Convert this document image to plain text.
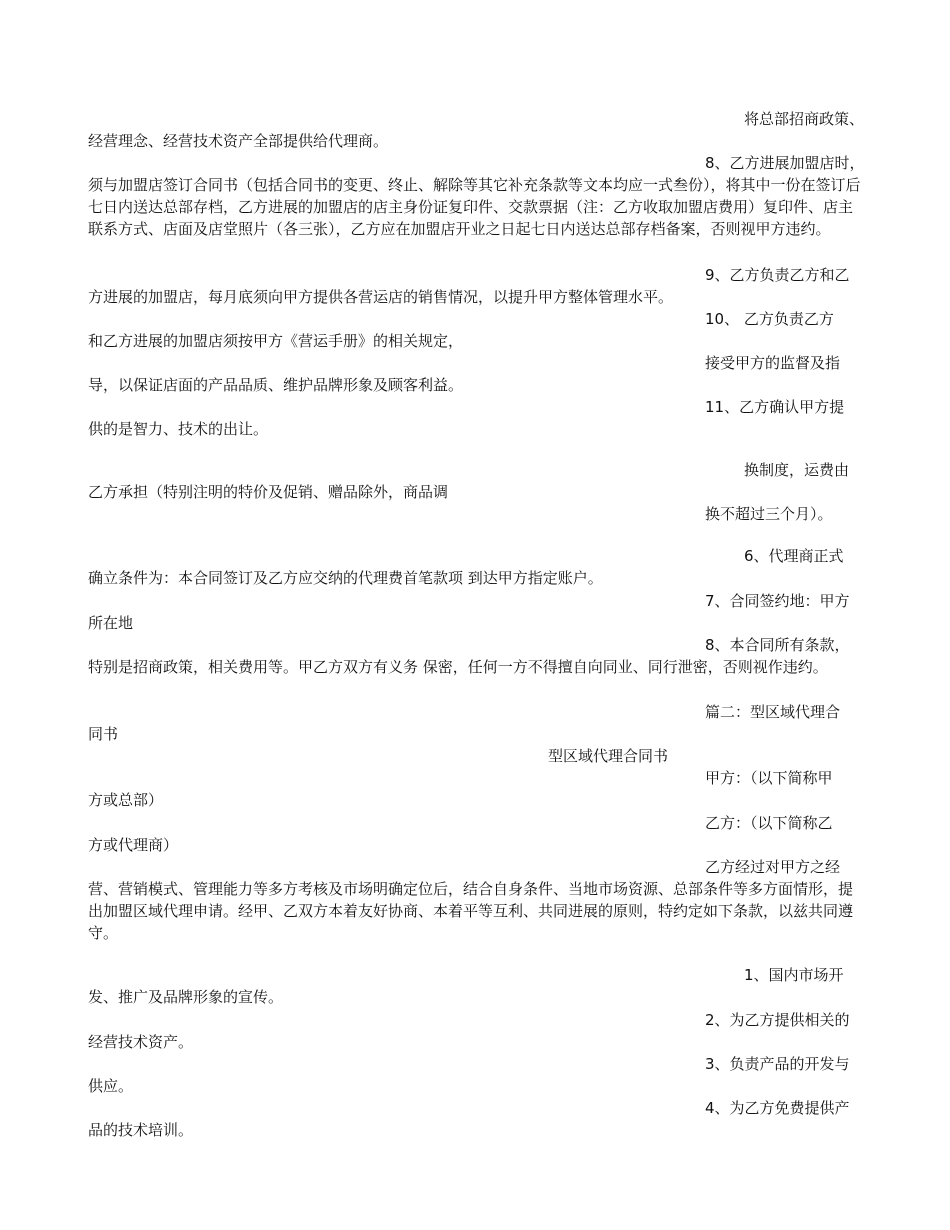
将总部招商政策、
经营理念、经营技术资产全部提供给代理商。
8、乙方进展加盟店时，
须与加盟店签订合同书（包括合同书的变更、终止、解除等其它补充条款等文本均应一式叁份），将其中一份在签订后七日内送达总部存档，乙方进展的加盟店的店主身份证复印件、交款票据（注：乙方收取加盟店费用）复印件、店主联系方式、店面及店堂照片（各三张），乙方应在加盟店开业之日起七日内送达总部存档备案，否则视甲方违约。
9、乙方负责乙方和乙
方进展的加盟店，每月底须向甲方提供各营运店的销售情况，以提升甲方整体管理水平。
10、 乙方负责乙方
和乙方进展的加盟店须按甲方《营运手册》的相关规定，
接受甲方的监督及指
导，以保证店面的产品品质、维护品牌形象及顾客利益。
11、乙方确认甲方提
供的是智力、技术的出让。
换制度，运费由
乙方承担（特别注明的特价及促销、赠品除外，商品调
换不超过三个月）。
6、代理商正式
确立条件为：本合同签订及乙方应交纳的代理费首笔款项 到达甲方指定账户。
7、合同签约地：甲方
所在地
8、本合同所有条款，
特别是招商政策，相关费用等。甲乙方双方有义务 保密，任何一方不得擅自向同业、同行泄密，否则视作违约。
篇二：型区域代理合
同书
型区域代理合同书
甲方：（以下简称甲
方或总部）
乙方：（以下简称乙
方或代理商）
乙方经过对甲方之经
营、营销模式、管理能力等多方考核及市场明确定位后，结合自身条件、当地市场资源、总部条件等多方面情形，提出加盟区域代理申请。经甲、乙双方本着友好协商、本着平等互利、共同进展的原则，特约定如下条款，以兹共同遵守。
1、国内市场开
发、推广及品牌形象的宣传。
2、为乙方提供相关的
经营技术资产。
3、负责产品的开发与
供应。
4、为乙方免费提供产
品的技术培训。
